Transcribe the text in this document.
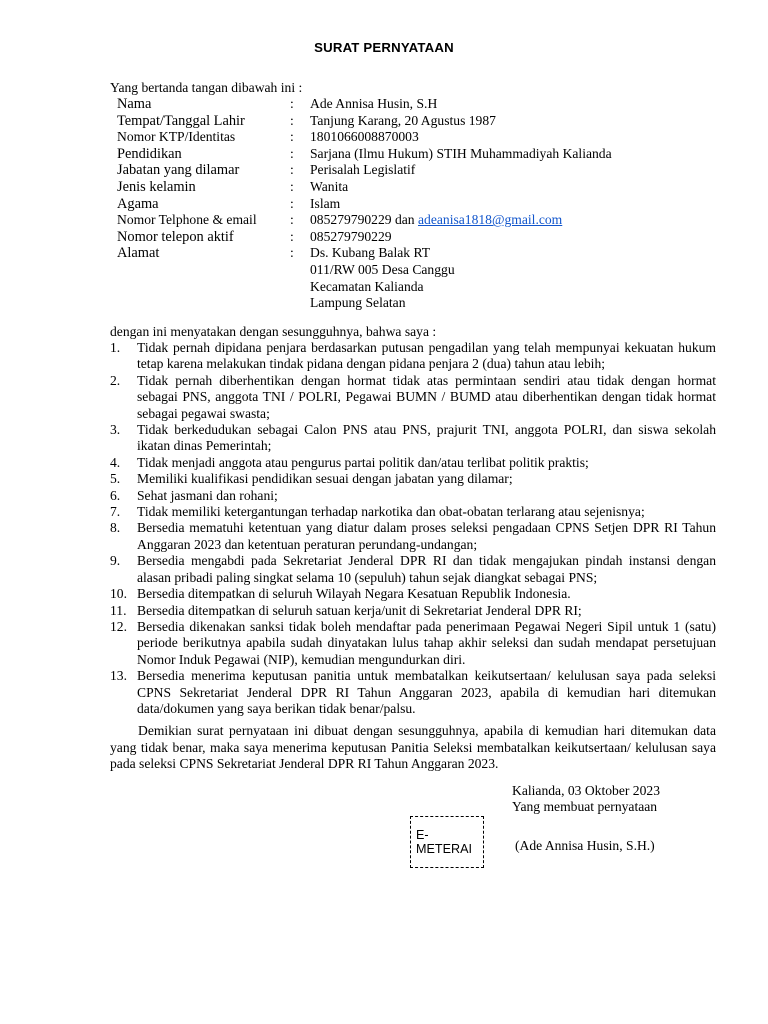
SURAT PERNYATAAN
Yang bertanda tangan dibawah ini :
Nama	:	Ade Annisa Husin, S.H
Tempat/Tanggal Lahir	:	Tanjung Karang, 20 Agustus 1987
Nomor KTP/Identitas	:	1801066008870003
Pendidikan	:	Sarjana (Ilmu Hukum) STIH Muhammadiyah Kalianda
Jabatan yang dilamar	:	Perisalah Legislatif
Jenis kelamin	:	Wanita
Agama	:	Islam
Nomor Telphone & email	:	085279790229 dan adeanisa1818@gmail.com
Nomor telepon aktif	:	085279790229
Alamat	:	Ds. Kubang Balak RT
011/RW 005 Desa Canggu
Kecamatan Kalianda
Lampung Selatan
dengan ini menyatakan dengan sesungguhnya, bahwa saya :
1.	Tidak pernah dipidana penjara berdasarkan putusan pengadilan yang telah mempunyai kekuatan hukum tetap karena melakukan tindak pidana dengan pidana penjara 2 (dua) tahun atau lebih;
2.	Tidak pernah diberhentikan dengan hormat tidak atas permintaan sendiri atau tidak dengan hormat sebagai PNS, anggota TNI / POLRI, Pegawai BUMN / BUMD atau diberhentikan dengan tidak hormat sebagai pegawai swasta;
3.	Tidak berkedudukan sebagai Calon PNS atau PNS, prajurit TNI, anggota POLRI, dan siswa sekolah ikatan dinas Pemerintah;
4.	Tidak menjadi anggota atau pengurus partai politik dan/atau terlibat politik praktis;
5.	Memiliki kualifikasi pendidikan sesuai dengan jabatan yang dilamar;
6.	Sehat jasmani dan rohani;
7.	Tidak memiliki ketergantungan terhadap narkotika dan obat-obatan terlarang atau sejenisnya;
8.	Bersedia mematuhi ketentuan yang diatur dalam proses seleksi pengadaan CPNS Setjen DPR RI Tahun Anggaran 2023 dan ketentuan peraturan perundang-undangan;
9.	Bersedia mengabdi pada Sekretariat Jenderal DPR RI dan tidak mengajukan pindah instansi dengan alasan pribadi paling singkat selama 10 (sepuluh) tahun sejak diangkat sebagai PNS;
10. Bersedia ditempatkan di seluruh Wilayah Negara Kesatuan Republik Indonesia.
11. Bersedia ditempatkan di seluruh satuan kerja/unit di Sekretariat Jenderal DPR RI;
12. Bersedia dikenakan sanksi tidak boleh mendaftar pada penerimaan Pegawai Negeri Sipil untuk 1 (satu) periode berikutnya apabila sudah dinyatakan lulus tahap akhir seleksi dan sudah mendapat persetujuan Nomor Induk Pegawai (NIP), kemudian mengundurkan diri.
13. Bersedia menerima keputusan panitia untuk membatalkan keikutsertaan/ kelulusan saya pada seleksi CPNS Sekretariat Jenderal DPR RI Tahun Anggaran 2023, apabila di kemudian hari ditemukan data/dokumen yang saya berikan tidak benar/palsu.
Demikian surat pernyataan ini dibuat dengan sesungguhnya, apabila di kemudian hari ditemukan data yang tidak benar, maka saya menerima keputusan Panitia Seleksi membatalkan keikutsertaan/ kelulusan saya pada seleksi CPNS Sekretariat Jenderal DPR RI Tahun Anggaran 2023.
Kalianda, 03 Oktober 2023
Yang membuat pernyataan
E-METERAI	(Ade Annisa Husin, S.H.)
